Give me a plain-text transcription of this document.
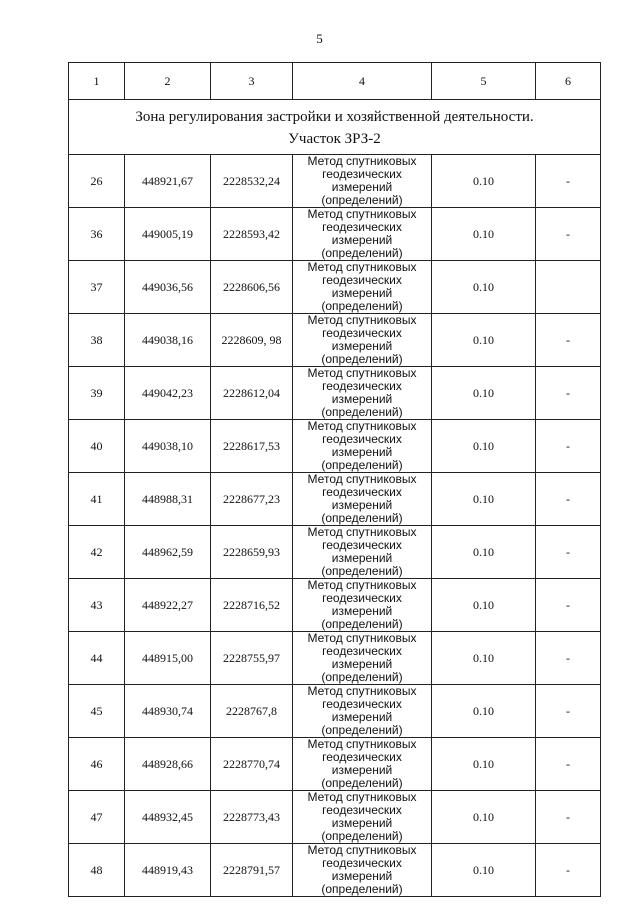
5
1	2	3	4	5	6

Зона регулирования застройки и хозяйственной деятельности.
Участок ЗРЗ-2					

26	448921,67	2228532,24	Метод спутниковых
геодезических измерений
(определений)	0.10	-
36	449005,19	2228593,42	Метод спутниковых
геодезических измерений
(определений)	0.10	-
37	449036,56	2228606,56	Метод спутниковых
геодезических измерений
(определений)	0.10	
38	449038,16	2228609, 98	Метод спутниковых
геодезических измерений
(определений)	0.10	-
39	449042,23	2228612,04	Метод спутниковых
геодезических измерений
(определений)	0.10	-
40	449038,10	2228617,53	Метод спутниковых
геодезических измерений
(определений)	0.10	-
41	448988,31	2228677,23	Метод спутниковых
геодезических измерений
(определений)	0.10	-
42	448962,59	2228659,93	Метод спутниковых
геодезических измерений
(определений)	0.10	-
43	448922,27	2228716,52	Метод спутниковых
геодезических измерений
(определений)	0.10	-
44	448915,00	2228755,97	Метод спутниковых
геодезических измерений
(определений)	0.10	-
45	448930,74	2228767,8	Метод спутниковых
геодезических измерений
(определений)	0.10	-
46	448928,66	2228770,74	Метод спутниковых
геодезических измерений
(определений)	0.10	-
47	448932,45	2228773,43	Метод спутниковых
геодезических измерений
(определений)	0.10	-
48	448919,43	2228791,57	Метод спутниковых
геодезических измерений
(определений)	0.10	-
